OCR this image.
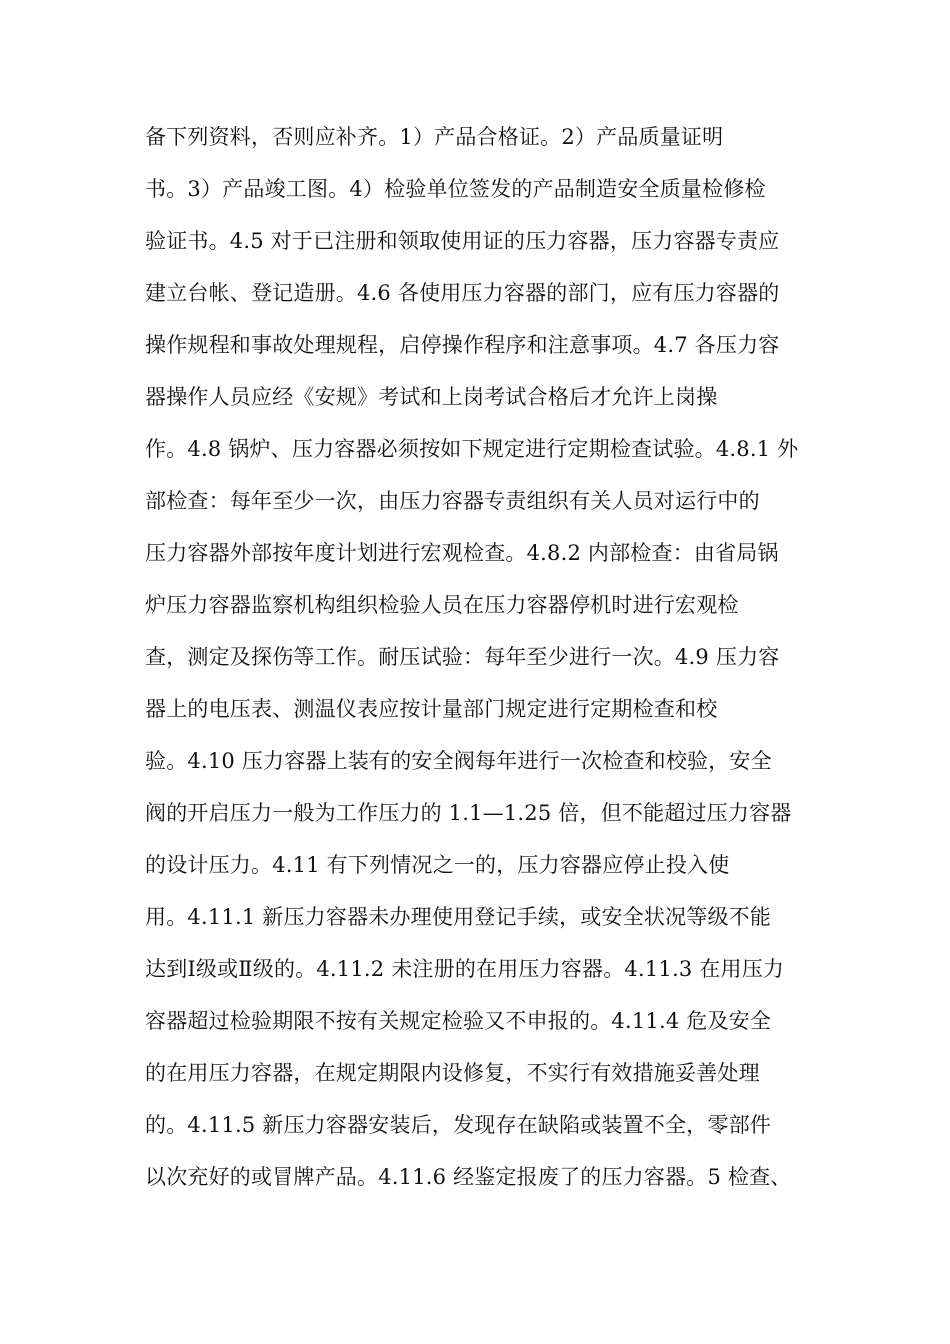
备下列资料，否则应补齐。1）产品合格证。2）产品质量证明
书。3）产品竣工图。4）检验单位签发的产品制造安全质量检修检
验证书。4.5 对于已注册和领取使用证的压力容器，压力容器专责应
建立台帐、登记造册。4.6 各使用压力容器的部门，应有压力容器的
操作规程和事故处理规程，启停操作程序和注意事项。4.7 各压力容
器操作人员应经《安规》考试和上岗考试合格后才允许上岗操
作。4.8 锅炉、压力容器必须按如下规定进行定期检查试验。4.8.1 外
部检查：每年至少一次，由压力容器专责组织有关人员对运行中的
压力容器外部按年度计划进行宏观检查。4.8.2 内部检查：由省局锅
炉压力容器监察机构组织检验人员在压力容器停机时进行宏观检
查，测定及探伤等工作。耐压试验：每年至少进行一次。4.9 压力容
器上的电压表、测温仪表应按计量部门规定进行定期检查和校
验。4.10 压力容器上装有的安全阀每年进行一次检查和校验，安全
阀的开启压力一般为工作压力的 1.1—1.25 倍，但不能超过压力容器
的设计压力。4.11 有下列情况之一的，压力容器应停止投入使
用。4.11.1 新压力容器未办理使用登记手续，或安全状况等级不能
达到Ⅰ级或Ⅱ级的。4.11.2 未注册的在用压力容器。4.11.3 在用压力
容器超过检验期限不按有关规定检验又不申报的。4.11.4 危及安全
的在用压力容器，在规定期限内设修复，不实行有效措施妥善处理
的。4.11.5 新压力容器安装后，发现存在缺陷或装置不全，零部件
以次充好的或冒牌产品。4.11.6 经鉴定报废了的压力容器。5 检查、
